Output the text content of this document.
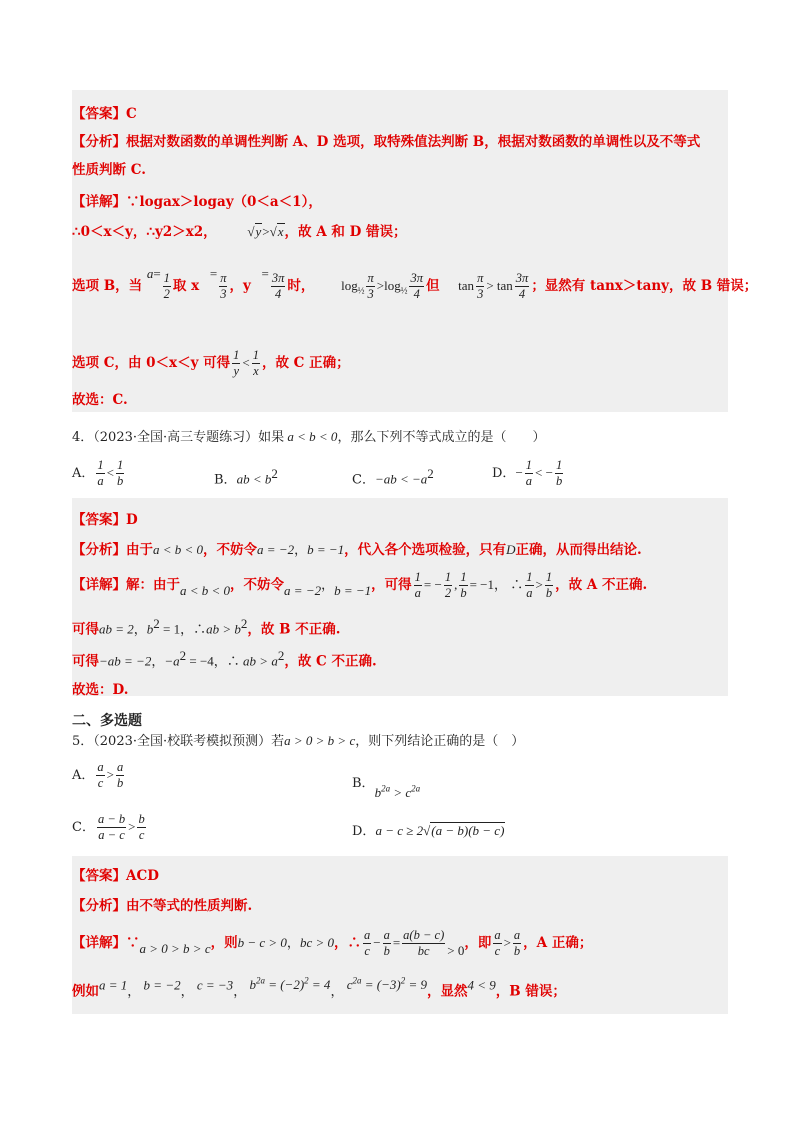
【答案】C
【分析】根据对数函数的单调性判断 A、D 选项，取特殊值法判断 B，根据对数函数的单调性以及不等式
性质判断 C.
【详解】∵logax＞logay（0＜a＜1），
∴0＜x＜y，∴y2＞x2， √y>√x，故 A 和 D 错误；
选项 B，当 $a= \frac{1}{2}$ 取 $x = \frac{\pi}{3}$ ，$y = \frac{3\pi}{4}$ 时， $\log_{\frac{1}{2}} \frac{\pi}{3} >\log_{\frac{1}{2}} \frac{3\pi}{4}$ 但 $\tan \frac{\pi}{3} > \tan \frac{3\pi}{4}$ ；显然有 tanx＞tany，故 B 错误；
选项 C，由 0＜x＜y 可得 $\frac{1}{y} < \frac{1}{x}$ ，故 C 正确；
故选：C.
4．（2023·全国·高三专题练习）如果 a < b < 0，那么下列不等式成立的是（　　）
A． $\frac{1}{a} < \frac{1}{b}$	B．ab < $b^2$	C．$-ab < -a^2$	D．− $\frac{1}{a}$ < − $\frac{1}{b}$
【答案】D
【分析】由于a < b < 0，不妨令a = −2，b = −1，代入各个选项检验，只有D正确，从而得出结论.
【详解】解：由于a < b < 0，不妨令a = −2，b = −1，可得 $\frac{1}{a}$ = − $\frac{1}{2}$ , $\frac{1}{b} = -1$， ∴ $\frac{1}{a} > \frac{1}{b}$ ，故 A 不正确.
可得ab = 2，$b^2 = 1$，∴ab > $b^2$，故 B 不正确.
可得−ab = −2，$-a^2 = -4$，∴ ab > $a^2$，故 C 不正确.
故选：D.
二、多选题
5．（2023·全国·校联考模拟预测）若a > 0 > b > c，则下列结论正确的是（　）
A． $\frac{a}{c} > \frac{a}{b}$	B．$b^{2a} > c^{2a}$
C． $\frac{a - b}{a - c} > \frac{b}{c}$	D．a − c ≥ 2√(a − b)(b − c)
【答案】ACD
【分析】由不等式的性质判断.
【详解】∵a > 0 > b > c，则b − c > 0，bc > 0，∴ $\frac{a}{c} - \frac{a}{b} = \frac{a(b - c)}{bc} > 0$，即 $\frac{a}{c} > \frac{a}{b}$ ，A 正确；
例如a = 1， b = −2， c = −3， $b^{2a} = (-2)^2 = 4$， $c^{2a} = (-3)^2 = 9$，显然4 < 9，B 错误；
